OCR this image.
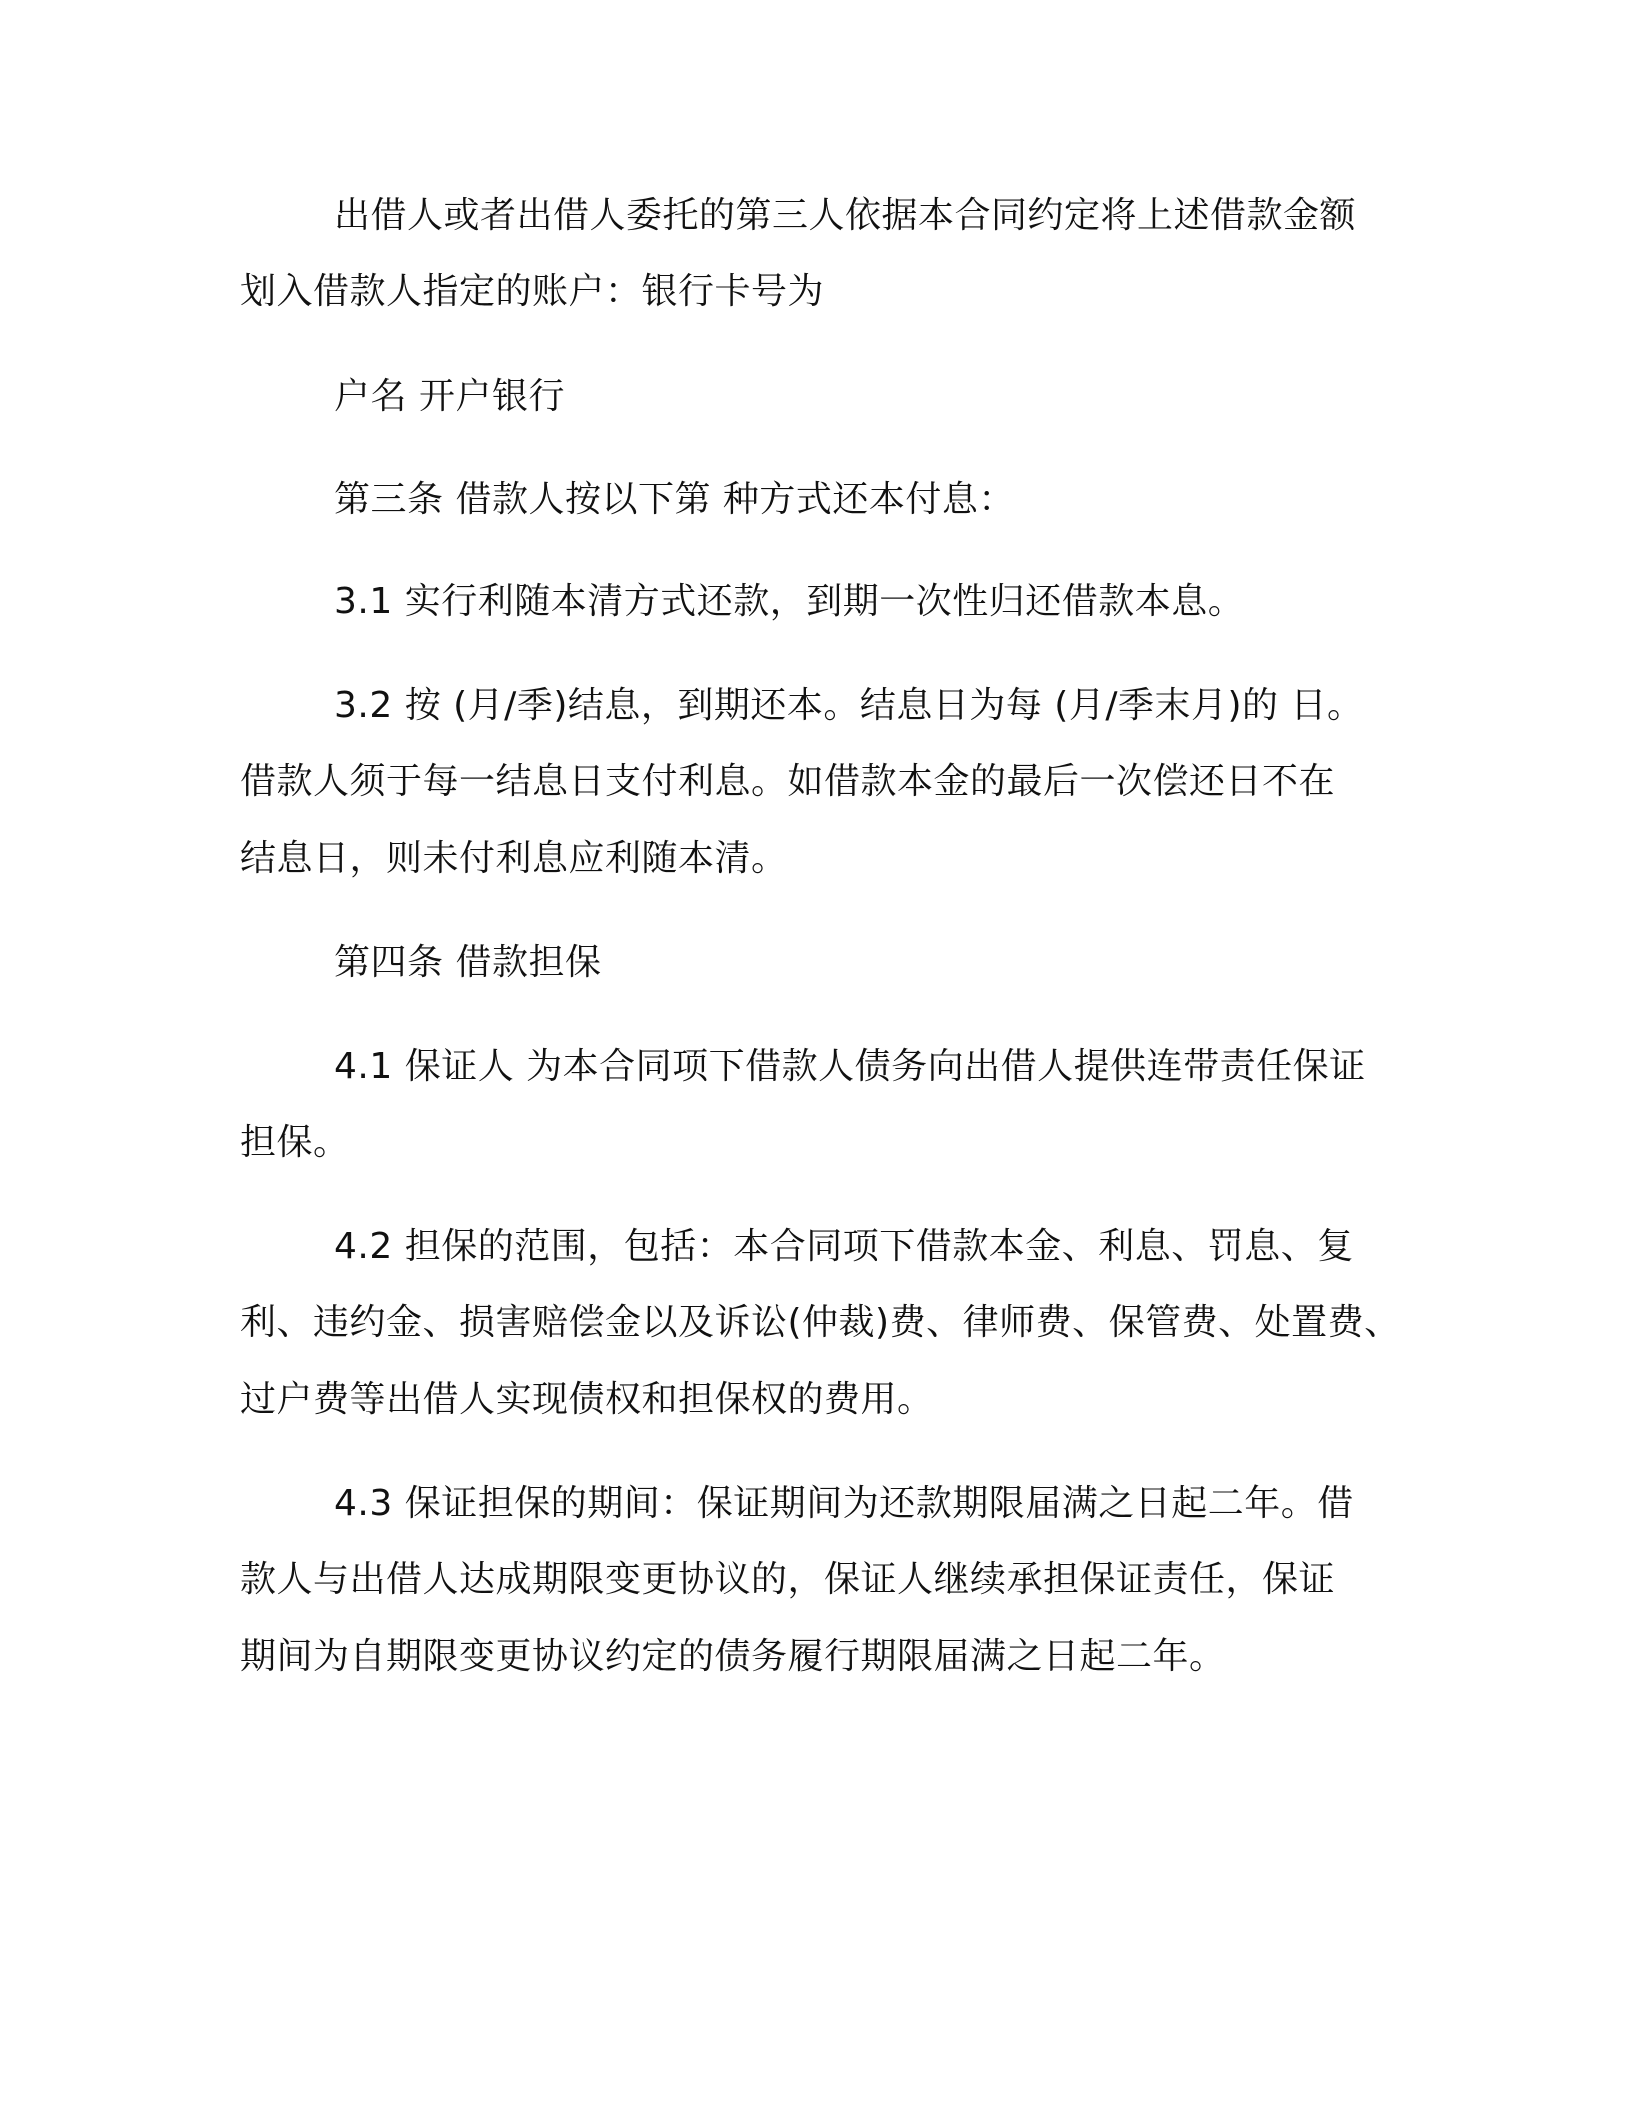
出借人或者出借人委托的第三人依据本合同约定将上述借款金额
划入借款人指定的账户：银行卡号为
户名 开户银行
第三条 借款人按以下第 种方式还本付息：
3.1 实行利随本清方式还款，到期一次性归还借款本息。
3.2 按 (月/季)结息，到期还本。结息日为每 (月/季末月)的 日。
借款人须于每一结息日支付利息。如借款本金的最后一次偿还日不在
结息日，则未付利息应利随本清。
第四条 借款担保
4.1 保证人 为本合同项下借款人债务向出借人提供连带责任保证
担保。
4.2 担保的范围，包括：本合同项下借款本金、利息、罚息、复
利、违约金、损害赔偿金以及诉讼(仲裁)费、律师费、保管费、处置费、
过户费等出借人实现债权和担保权的费用。
4.3 保证担保的期间：保证期间为还款期限届满之日起二年。借
款人与出借人达成期限变更协议的，保证人继续承担保证责任，保证
期间为自期限变更协议约定的债务履行期限届满之日起二年。
